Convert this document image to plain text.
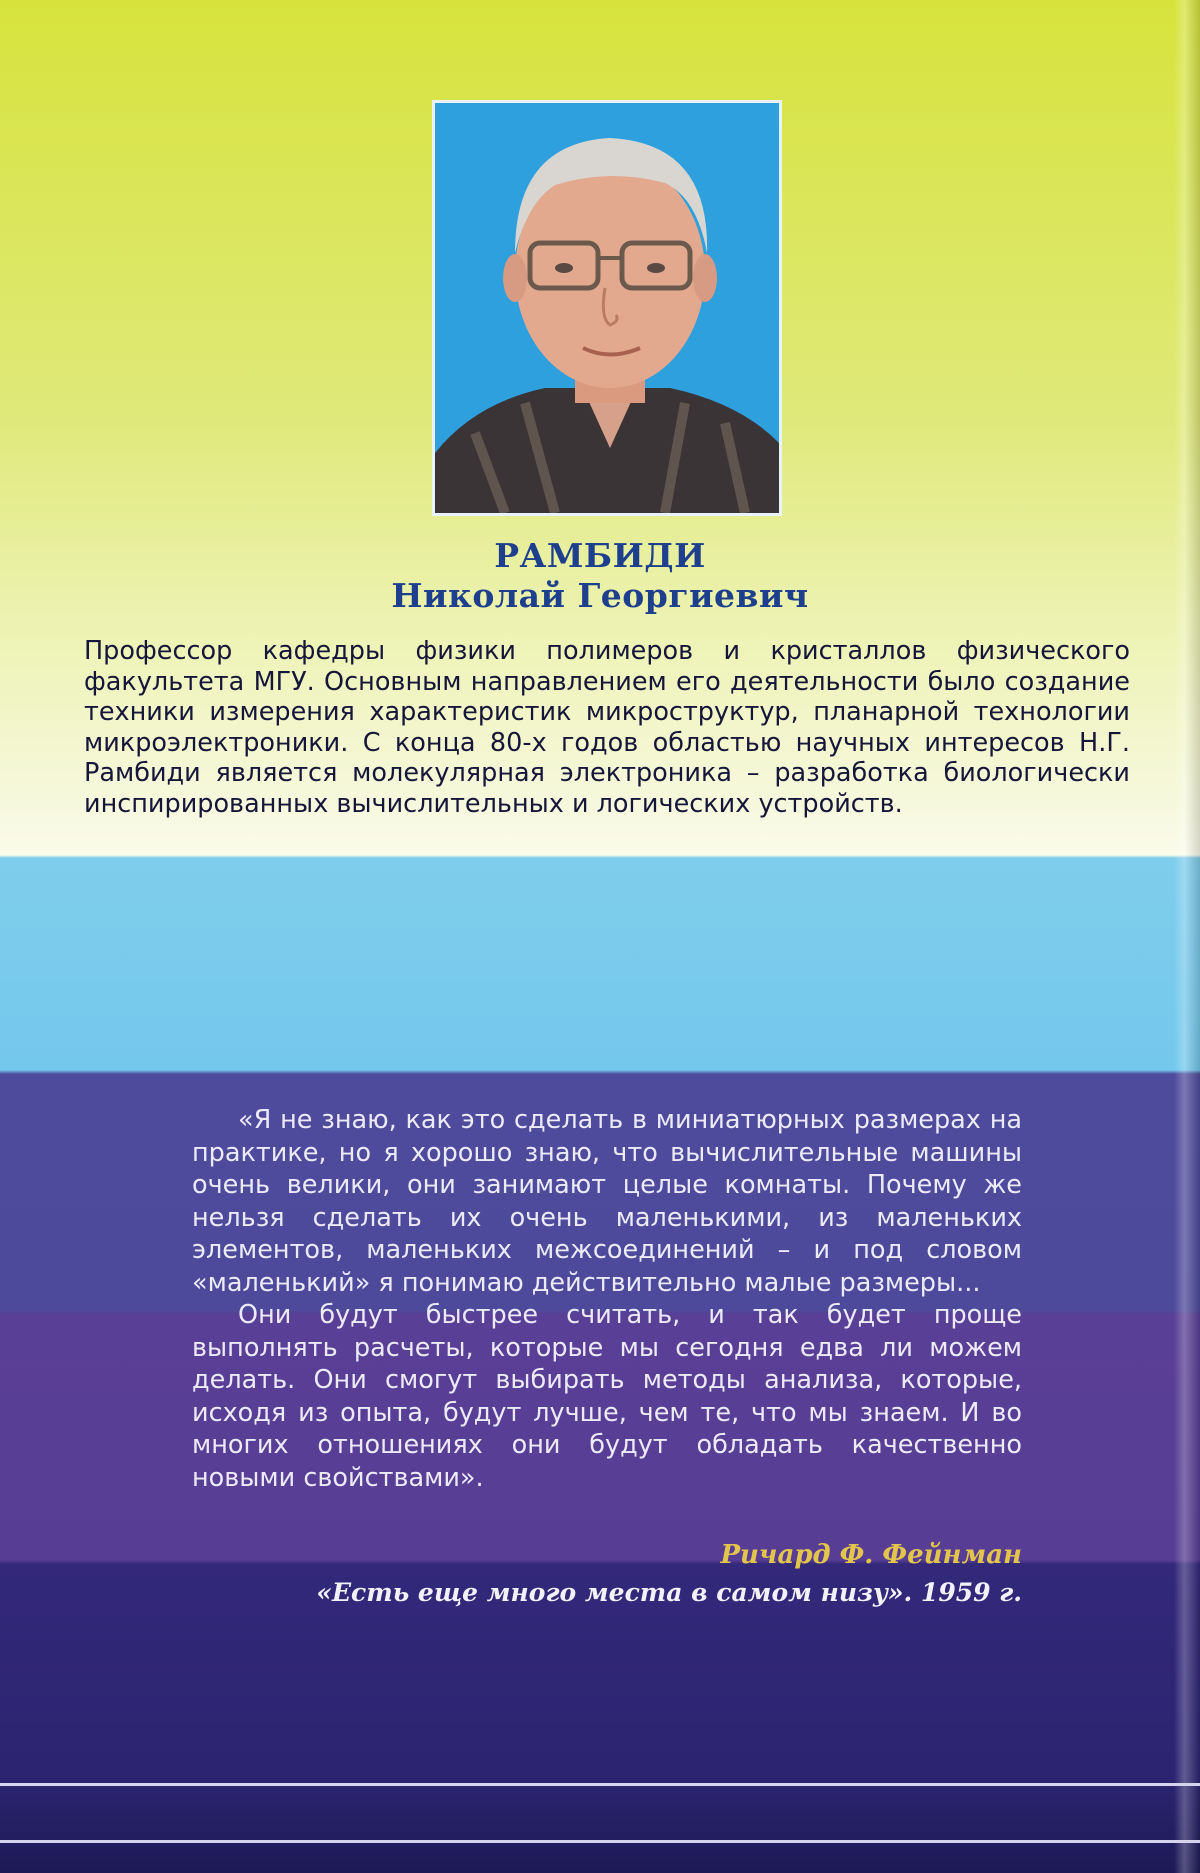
РАМБИДИ
Николай Георгиевич

Профессор кафедры физики полимеров и кристаллов физического факультета МГУ. Основным направлением его деятельности было создание техники измерения характеристик микроструктур, планарной технологии микроэлектроники. С конца 80-х годов областью научных интересов Н.Г. Рамбиди является молекулярная электроника – разработка биологически инспирированных вычислительных и логических устройств.

«Я не знаю, как это сделать в миниатюрных размерах на практике, но я хорошо знаю, что вычислительные машины очень велики, они занимают целые комнаты. Почему же нельзя сделать их очень маленькими, из маленьких элементов, маленьких межсоединений – и под словом «маленький» я понимаю действительно малые размеры...

Они будут быстрее считать, и так будет проще выполнять расчеты, которые мы сегодня едва ли можем делать. Они смогут выбирать методы анализа, которые, исходя из опыта, будут лучше, чем те, что мы знаем. И во многих отношениях они будут обладать качественно новыми свойствами».

Ричард Ф. Фейнман
«Есть еще много места в самом низу». 1959 г.
